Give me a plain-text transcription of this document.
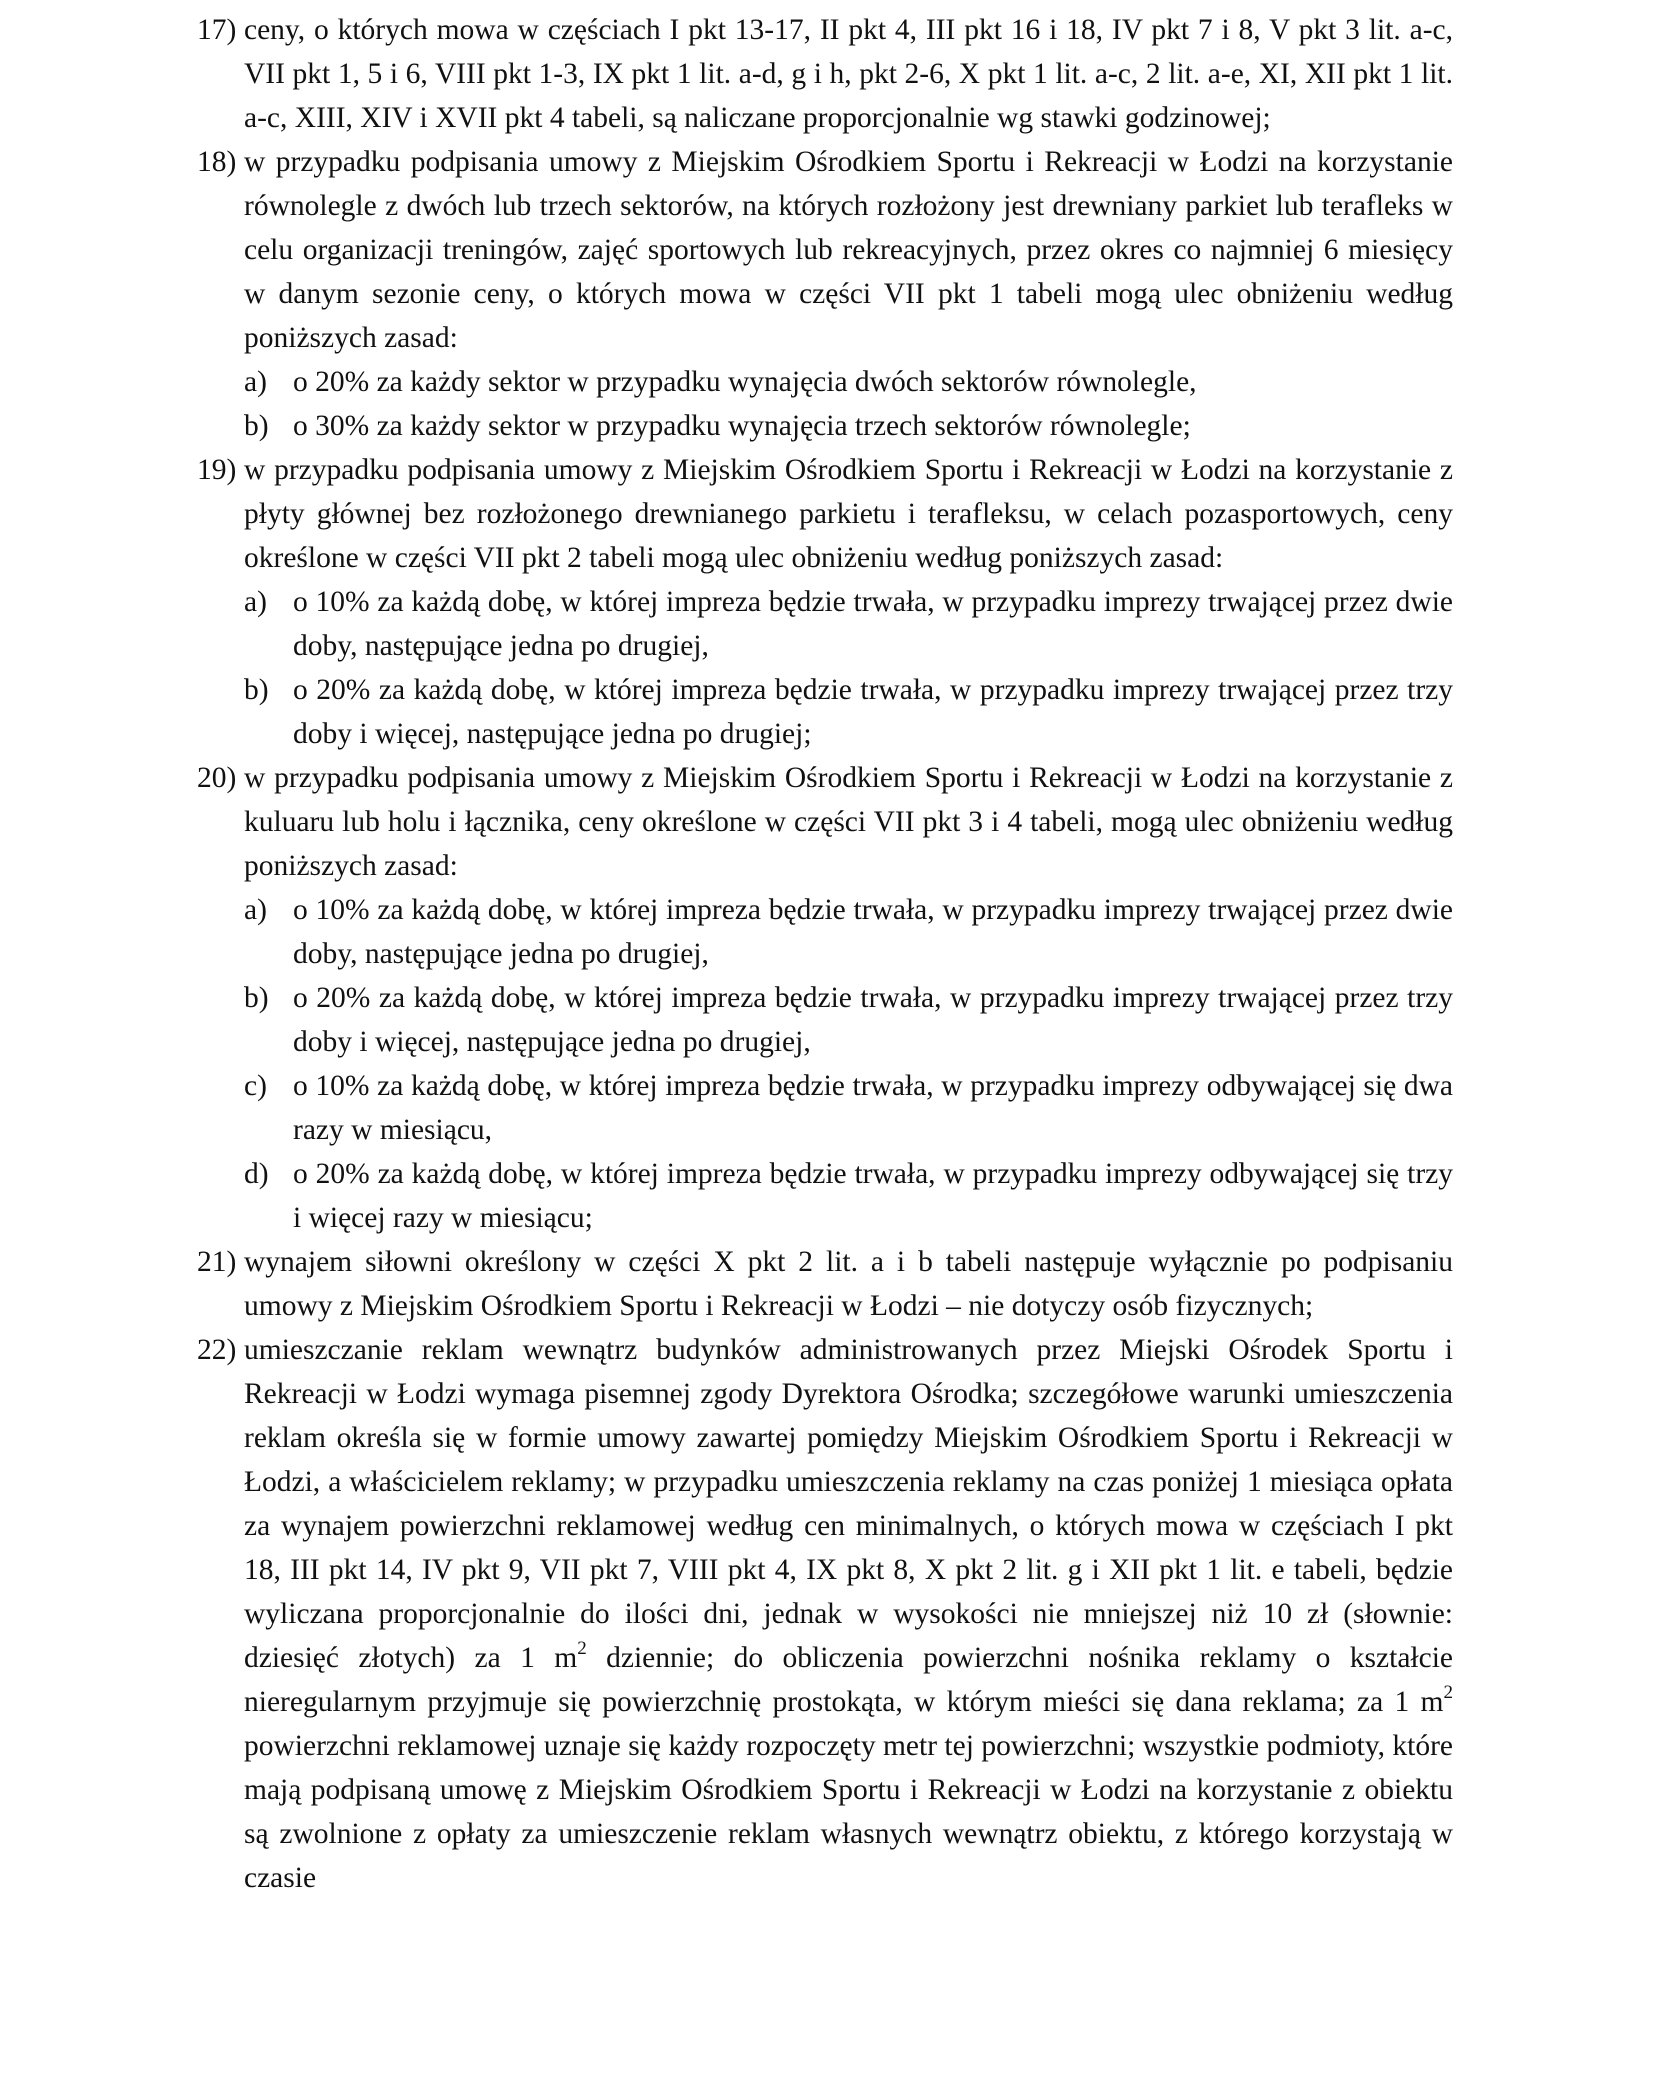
17) ceny, o których mowa w częściach I pkt 13-17, II pkt 4, III pkt 16 i 18, IV pkt 7 i 8, V pkt 3 lit. a-c, VII pkt 1, 5 i 6, VIII pkt 1-3, IX pkt 1 lit. a-d, g i h, pkt 2-6, X pkt 1 lit. a-c, 2 lit. a-e, XI, XII pkt 1 lit. a-c, XIII, XIV i XVII pkt 4 tabeli, są naliczane proporcjonalnie wg stawki godzinowej;
18) w przypadku podpisania umowy z Miejskim Ośrodkiem Sportu i Rekreacji w Łodzi na korzystanie równolegle z dwóch lub trzech sektorów, na których rozłożony jest drewniany parkiet lub terafleks w celu organizacji treningów, zajęć sportowych lub rekreacyjnych, przez okres co najmniej 6 miesięcy w danym sezonie ceny, o których mowa w części VII pkt 1 tabeli mogą ulec obniżeniu według poniższych zasad:
a) o 20% za każdy sektor w przypadku wynajęcia dwóch sektorów równolegle,
b) o 30% za każdy sektor w przypadku wynajęcia trzech sektorów równolegle;
19) w przypadku podpisania umowy z Miejskim Ośrodkiem Sportu i Rekreacji w Łodzi na korzystanie z płyty głównej bez rozłożonego drewnianego parkietu i terafleksu, w celach pozasportowych, ceny określone w części VII pkt 2 tabeli mogą ulec obniżeniu według poniższych zasad:
a) o 10% za każdą dobę, w której impreza będzie trwała, w przypadku imprezy trwającej przez dwie doby, następujące jedna po drugiej,
b) o 20% za każdą dobę, w której impreza będzie trwała, w przypadku imprezy trwającej przez trzy doby i więcej, następujące jedna po drugiej;
20) w przypadku podpisania umowy z Miejskim Ośrodkiem Sportu i Rekreacji w Łodzi na korzystanie z kuluaru lub holu i łącznika, ceny określone w części VII pkt 3 i 4 tabeli, mogą ulec obniżeniu według poniższych zasad:
a) o 10% za każdą dobę, w której impreza będzie trwała, w przypadku imprezy trwającej przez dwie doby, następujące jedna po drugiej,
b) o 20% za każdą dobę, w której impreza będzie trwała, w przypadku imprezy trwającej przez trzy doby i więcej, następujące jedna po drugiej,
c) o 10% za każdą dobę, w której impreza będzie trwała, w przypadku imprezy odbywającej się dwa razy w miesiącu,
d) o 20% za każdą dobę, w której impreza będzie trwała, w przypadku imprezy odbywającej się trzy i więcej razy w miesiącu;
21) wynajem siłowni określony w części X pkt 2 lit. a i b tabeli następuje wyłącznie po podpisaniu umowy z Miejskim Ośrodkiem Sportu i Rekreacji w Łodzi – nie dotyczy osób fizycznych;
22) umieszczanie reklam wewnątrz budynków administrowanych przez Miejski Ośrodek Sportu i Rekreacji w Łodzi wymaga pisemnej zgody Dyrektora Ośrodka; szczegółowe warunki umieszczenia reklam określa się w formie umowy zawartej pomiędzy Miejskim Ośrodkiem Sportu i Rekreacji w Łodzi, a właścicielem reklamy; w przypadku umieszczenia reklamy na czas poniżej 1 miesiąca opłata za wynajem powierzchni reklamowej według cen minimalnych, o których mowa w częściach I pkt 18, III pkt 14, IV pkt 9, VII pkt 7, VIII pkt 4, IX pkt 8, X pkt 2 lit. g i XII pkt 1 lit. e tabeli, będzie wyliczana proporcjonalnie do ilości dni, jednak w wysokości nie mniejszej niż 10 zł (słownie: dziesięć złotych) za 1 $m^2$ dziennie; do obliczenia powierzchni nośnika reklamy o kształcie nieregularnym przyjmuje się powierzchnię prostokąta, w którym mieści się dana reklama; za 1 $m^2$ powierzchni reklamowej uznaje się każdy rozpoczęty metr tej powierzchni; wszystkie podmioty, które mają podpisaną umowę z Miejskim Ośrodkiem Sportu i Rekreacji w Łodzi na korzystanie z obiektu są zwolnione z opłaty za umieszczenie reklam własnych wewnątrz obiektu, z którego korzystają w czasie
